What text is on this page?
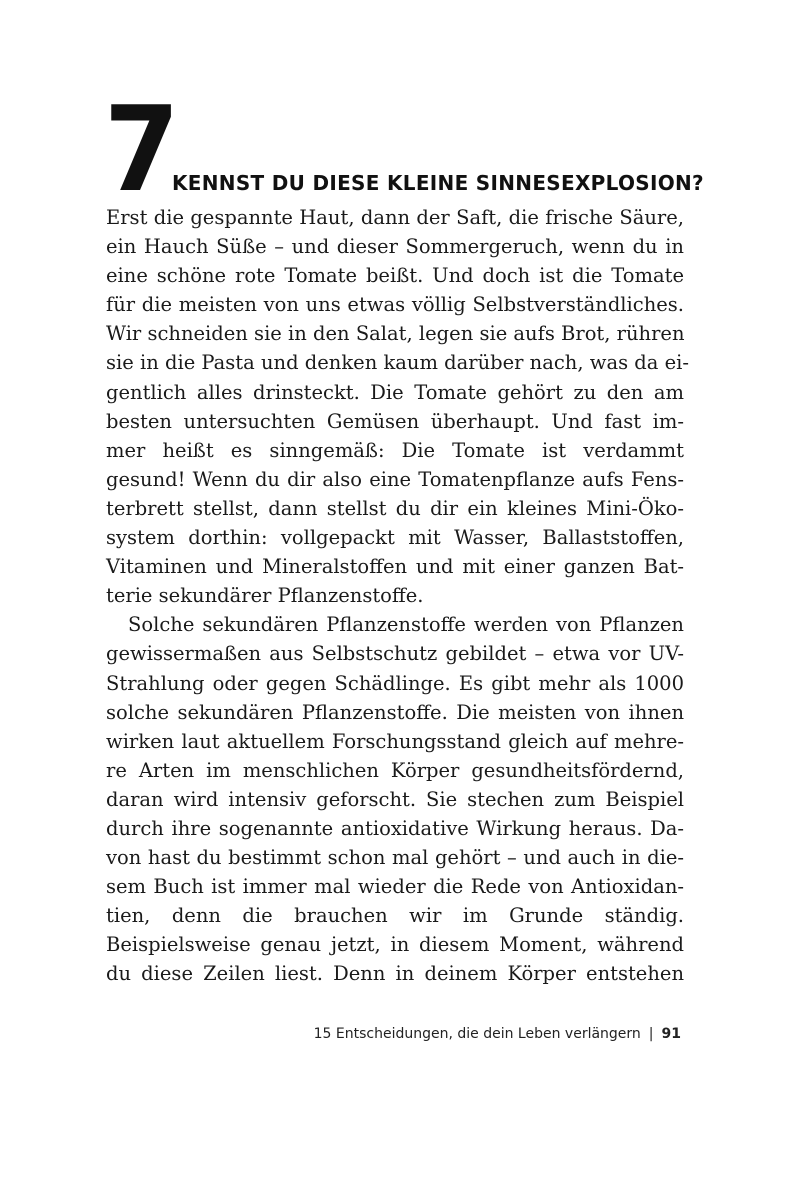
7
KENNST DU DIESE KLEINE SINNESEXPLOSION?
Erst die gespannte Haut, dann der Saft, die frische Säure,
ein Hauch Süße – und dieser Sommergeruch, wenn du in
eine schöne rote Tomate beißt. Und doch ist die Tomate
für die meisten von uns etwas völlig Selbstverständliches.
Wir schneiden sie in den Salat, legen sie aufs Brot, rühren
sie in die Pasta und denken kaum darüber nach, was da ei-
gentlich alles drinsteckt. Die Tomate gehört zu den am
besten untersuchten Gemüsen überhaupt. Und fast im-
mer heißt es sinngemäß: Die Tomate ist verdammt
gesund! Wenn du dir also eine Tomatenpflanze aufs Fens-
terbrett stellst, dann stellst du dir ein kleines Mini-Öko-
system dorthin: vollgepackt mit Wasser, Ballaststoffen,
Vitaminen und Mineralstoffen und mit einer ganzen Bat-
terie sekundärer Pflanzenstoffe.
Solche sekundären Pflanzenstoffe werden von Pflanzen
gewissermaßen aus Selbstschutz gebildet – etwa vor UV-
Strahlung oder gegen Schädlinge. Es gibt mehr als 1000
solche sekundären Pflanzenstoffe. Die meisten von ihnen
wirken laut aktuellem Forschungsstand gleich auf mehre-
re Arten im menschlichen Körper gesundheitsfördernd,
daran wird intensiv geforscht. Sie stechen zum Beispiel
durch ihre sogenannte antioxidative Wirkung heraus. Da-
von hast du bestimmt schon mal gehört – und auch in die-
sem Buch ist immer mal wieder die Rede von Antioxidan-
tien, denn die brauchen wir im Grunde ständig.
Beispielsweise genau jetzt, in diesem Moment, während
du diese Zeilen liest. Denn in deinem Körper entstehen
15 Entscheidungen, die dein Leben verlängern | 91
